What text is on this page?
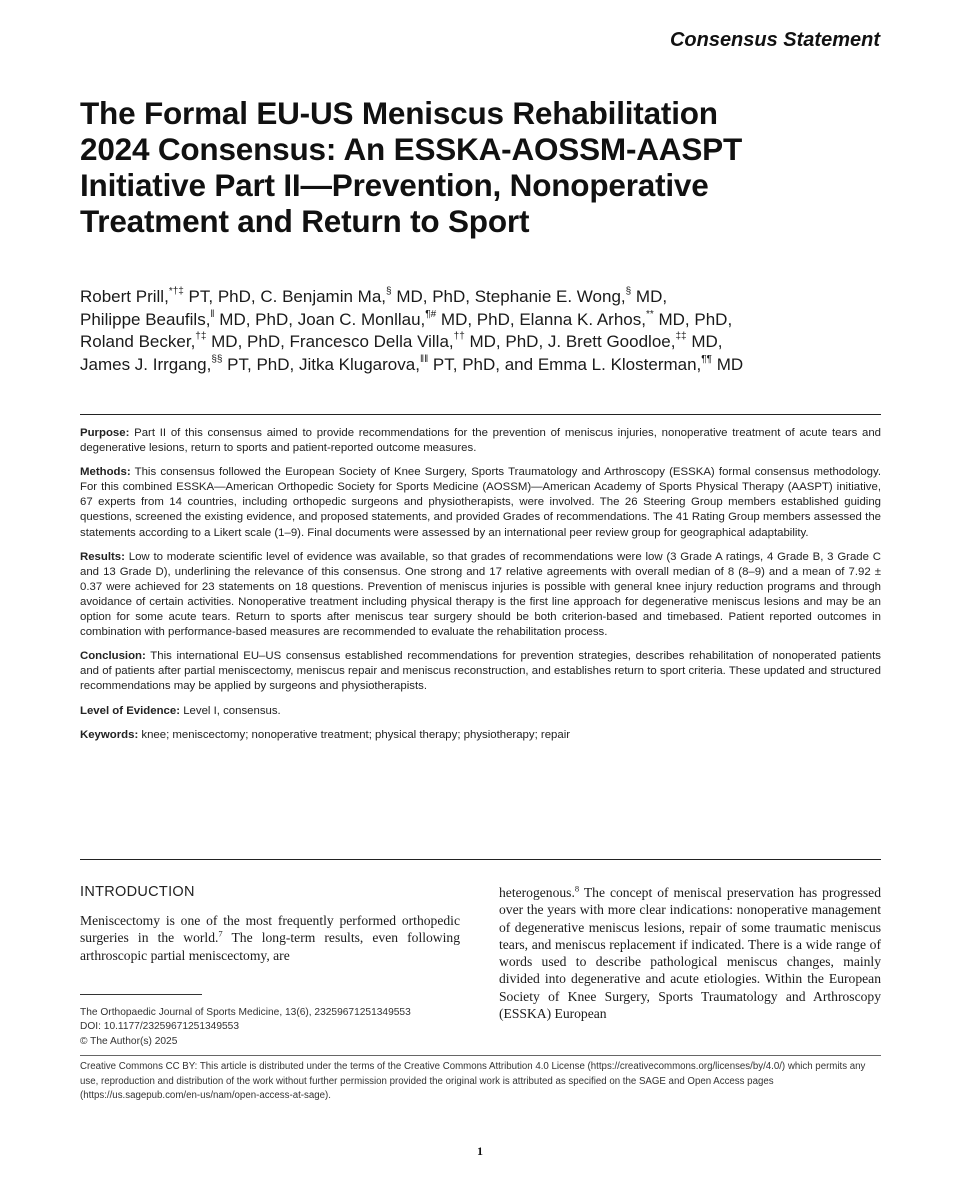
Consensus Statement
The Formal EU-US Meniscus Rehabilitation
2024 Consensus: An ESSKA-AOSSM-AASPT
Initiative Part II—Prevention, Nonoperative
Treatment and Return to Sport
Robert Prill,*†‡ PT, PhD, C. Benjamin Ma,§ MD, PhD, Stephanie E. Wong,§ MD,
Philippe Beaufils,‖ MD, PhD, Joan C. Monllau,¶# MD, PhD, Elanna K. Arhos,** MD, PhD,
Roland Becker,†‡ MD, PhD, Francesco Della Villa,†† MD, PhD, J. Brett Goodloe,‡‡ MD,
James J. Irrgang,§§ PT, PhD, Jitka Klugarova,‖‖ PT, PhD, and Emma L. Klosterman,¶¶ MD

Purpose: Part II of this consensus aimed to provide recommendations for the prevention of meniscus injuries, nonoperative treatment of acute tears and degenerative lesions, return to sports and patient-reported outcome measures.

Methods: This consensus followed the European Society of Knee Surgery, Sports Traumatology and Arthroscopy (ESSKA) formal consensus methodology. For this combined ESSKA—American Orthopedic Society for Sports Medicine (AOSSM)—American Academy of Sports Physical Therapy (AASPT) initiative, 67 experts from 14 countries, including orthopedic surgeons and physiotherapists, were involved. The 26 Steering Group members established guiding questions, screened the existing evidence, and proposed statements, and provided Grades of recommendations. The 41 Rating Group members assessed the statements according to a Likert scale (1–9). Final documents were assessed by an international peer review group for geographical adaptability.

Results: Low to moderate scientific level of evidence was available, so that grades of recommendations were low (3 Grade A ratings, 4 Grade B, 3 Grade C and 13 Grade D), underlining the relevance of this consensus. One strong and 17 relative agreements with overall median of 8 (8–9) and a mean of 7.92 ± 0.37 were achieved for 23 statements on 18 questions. Prevention of meniscus injuries is possible with general knee injury reduction programs and through avoidance of certain activities. Nonoperative treatment including physical therapy is the first line approach for degenerative meniscus lesions and may be an option for some acute tears. Return to sports after meniscus tear surgery should be both criterion-based and timebased. Patient reported outcomes in combination with performance-based measures are recommended to evaluate the rehabilitation process.

Conclusion: This international EU–US consensus established recommendations for prevention strategies, describes rehabilitation of nonoperated patients and of patients after partial meniscectomy, meniscus repair and meniscus reconstruction, and establishes return to sport criteria. These updated and structured recommendations may be applied by surgeons and physiotherapists.

Level of Evidence: Level I, consensus.

Keywords: knee; meniscectomy; nonoperative treatment; physical therapy; physiotherapy; repair

INTRODUCTION

Meniscectomy is one of the most frequently performed orthopedic surgeries in the world.$^7$ The long-term results, even following arthroscopic partial meniscectomy, are

heterogenous.$^8$ The concept of meniscal preservation has progressed over the years with more clear indications: nonoperative management of degenerative meniscus lesions, repair of some traumatic meniscus tears, and meniscus replacement if indicated. There is a wide range of words used to describe pathological meniscus changes, mainly divided into degenerative and acute etiologies. Within the European Society of Knee Surgery, Sports Traumatology and Arthroscopy (ESSKA) European

The Orthopaedic Journal of Sports Medicine, 13(6), 23259671251349553
DOI: 10.1177/23259671251349553
© The Author(s) 2025
Creative Commons CC BY: This article is distributed under the terms of the Creative Commons Attribution 4.0 License (https://creativecommons.org/licenses/by/4.0/) which permits any use, reproduction and distribution of the work without further permission provided the original work is attributed as specified on the SAGE and Open Access pages (https://us.sagepub.com/en-us/nam/open-access-at-sage).
1
